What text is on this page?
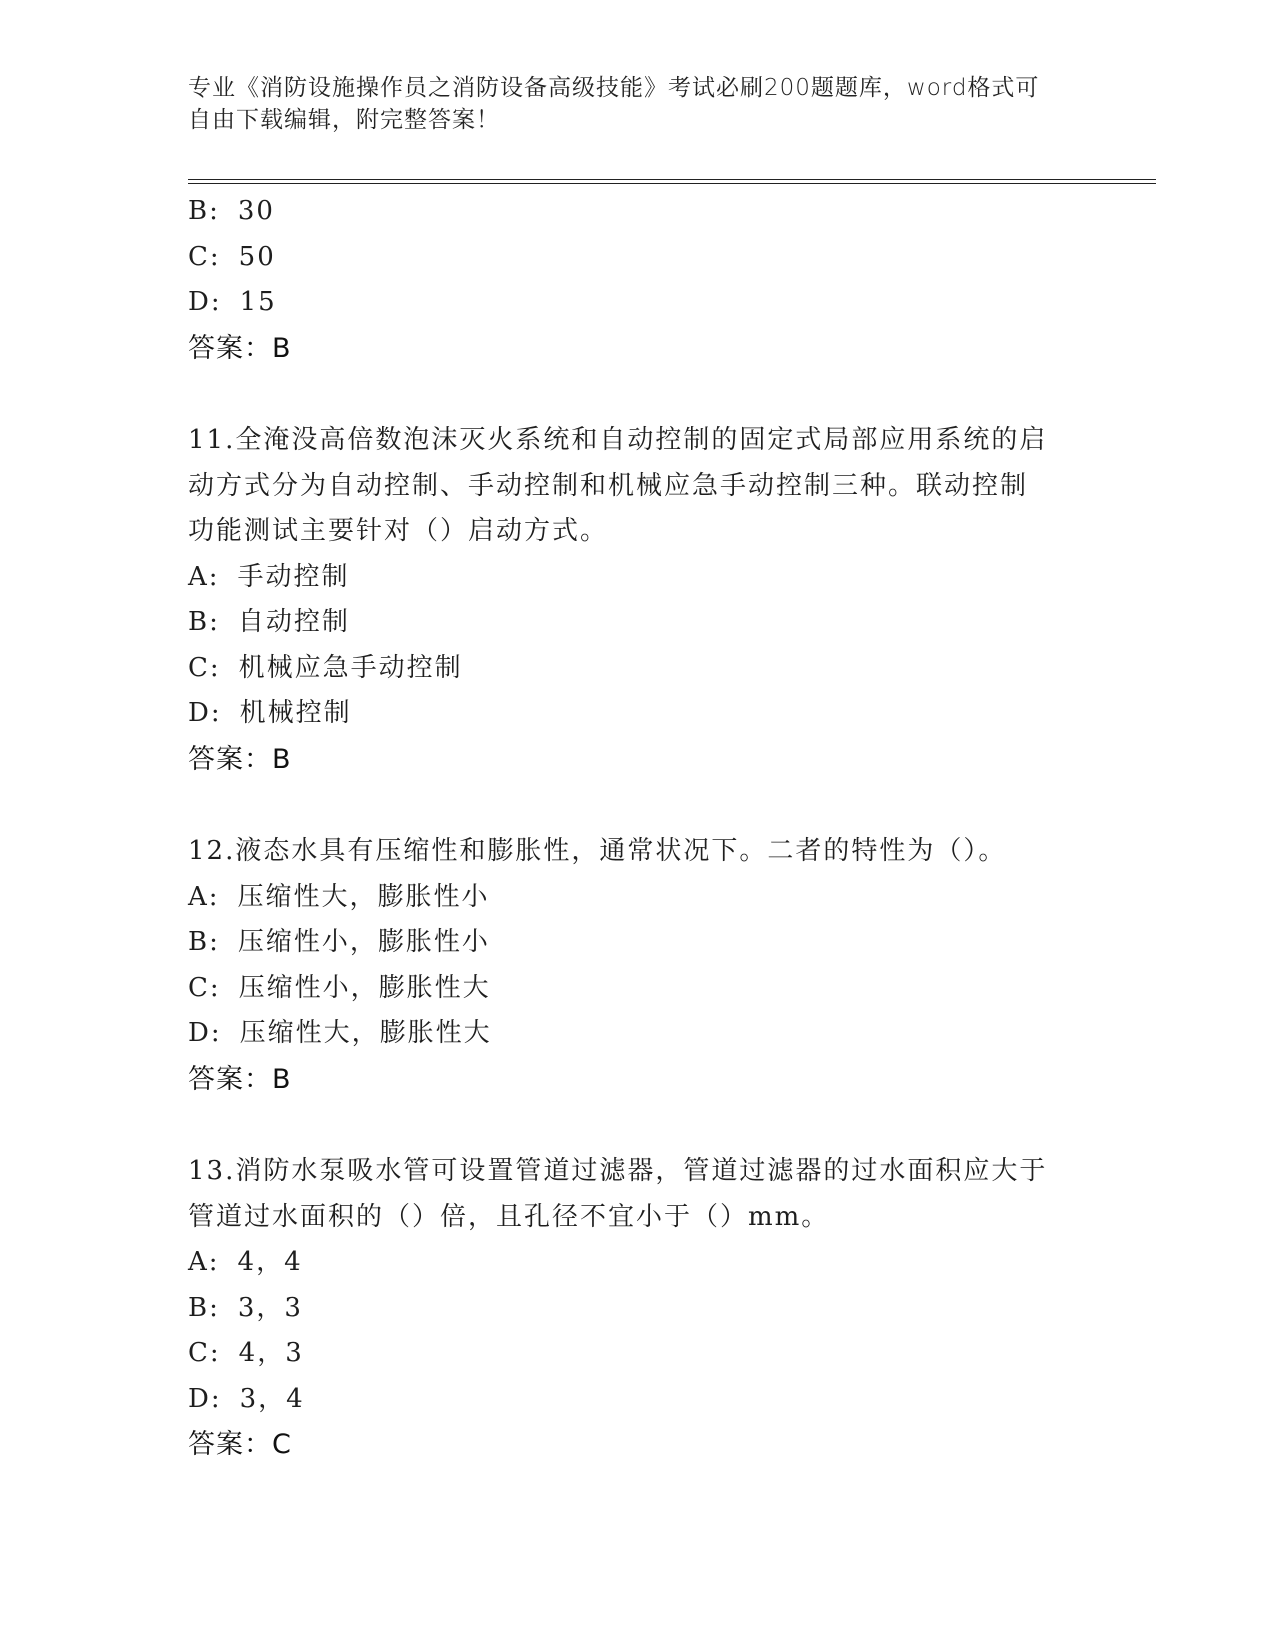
专业《消防设施操作员之消防设备高级技能》考试必刷200题题库，word格式可
自由下载编辑，附完整答案！
B: 30
C: 50
D: 15
答案：B
11.全淹没高倍数泡沫灭火系统和自动控制的固定式局部应用系统的启
动方式分为自动控制、手动控制和机械应急手动控制三种。联动控制
功能测试主要针对（）启动方式。
A: 手动控制
B: 自动控制
C: 机械应急手动控制
D: 机械控制
答案：B
12.液态水具有压缩性和膨胀性，通常状况下。二者的特性为（）。
A: 压缩性大，膨胀性小
B: 压缩性小，膨胀性小
C: 压缩性小，膨胀性大
D: 压缩性大，膨胀性大
答案：B
13.消防水泵吸水管可设置管道过滤器，管道过滤器的过水面积应大于
管道过水面积的（）倍，且孔径不宜小于（）mm。
A: 4，4
B: 3，3
C: 4，3
D: 3，4
答案：C
